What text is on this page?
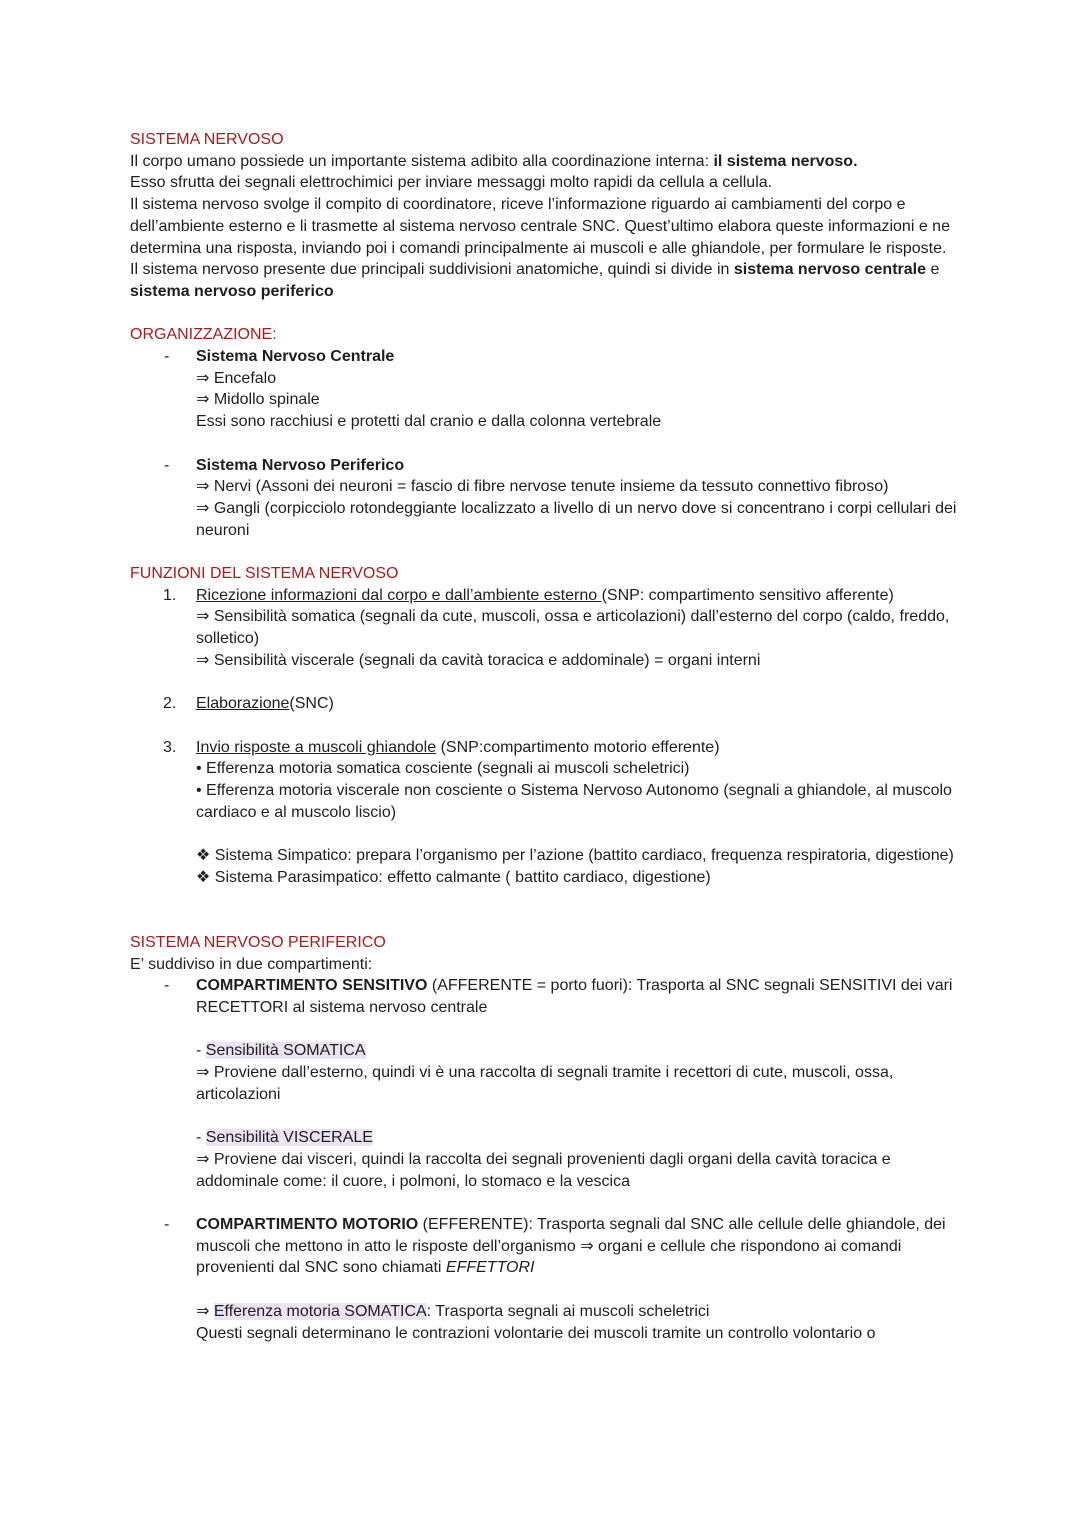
SISTEMA NERVOSO

Il corpo umano possiede un importante sistema adibito alla coordinazione interna: il sistema nervoso.

Esso sfrutta dei segnali elettrochimici per inviare messaggi molto rapidi da cellula a cellula.

Il sistema nervoso svolge il compito di coordinatore, riceve l’informazione riguardo ai cambiamenti del corpo e dell’ambiente esterno e li trasmette al sistema nervoso centrale SNC. Quest’ultimo elabora queste informazioni e ne determina una risposta, inviando poi i comandi principalmente ai muscoli e alle ghiandole, per formulare le risposte.

Il sistema nervoso presente due principali suddivisioni anatomiche, quindi si divide in sistema nervoso centrale e sistema nervoso periferico

ORGANIZZAZIONE:

- Sistema Nervoso Centrale

⇒ Encefalo

⇒ Midollo spinale

Essi sono racchiusi e protetti dal cranio e dalla colonna vertebrale

- Sistema Nervoso Periferico

⇒ Nervi (Assoni dei neuroni = fascio di fibre nervose tenute insieme da tessuto connettivo fibroso)

⇒ Gangli (corpicciolo rotondeggiante localizzato a livello di un nervo dove si concentrano i corpi cellulari dei neuroni

FUNZIONI DEL SISTEMA NERVOSO

1. Ricezione informazioni dal corpo e dall’ambiente esterno (SNP: compartimento sensitivo afferente)

⇒ Sensibilità somatica (segnali da cute, muscoli, ossa e articolazioni) dall’esterno del corpo (caldo, freddo, solletico)

⇒ Sensibilità viscerale (segnali da cavità toracica e addominale) = organi interni

2. Elaborazione(SNC)

3. Invio risposte a muscoli ghiandole (SNP:compartimento motorio efferente)

• Efferenza motoria somatica cosciente (segnali ai muscoli scheletrici)

• Efferenza motoria viscerale non cosciente o Sistema Nervoso Autonomo (segnali a ghiandole, al muscolo cardiaco e al muscolo liscio)

❖ Sistema Simpatico: prepara l’organismo per l’azione (battito cardiaco, frequenza respiratoria, digestione)

❖ Sistema Parasimpatico: effetto calmante ( battito cardiaco, digestione)

SISTEMA NERVOSO PERIFERICO

E’ suddiviso in due compartimenti:

- COMPARTIMENTO SENSITIVO (AFFERENTE = porto fuori): Trasporta al SNC segnali SENSITIVI dei vari RECETTORI al sistema nervoso centrale

- Sensibilità SOMATICA

⇒ Proviene dall’esterno, quindi vi è una raccolta di segnali tramite i recettori di cute, muscoli, ossa, articolazioni

- Sensibilità VISCERALE

⇒ Proviene dai visceri, quindi la raccolta dei segnali provenienti dagli organi della cavità toracica e addominale come: il cuore, i polmoni, lo stomaco e la vescica

- COMPARTIMENTO MOTORIO (EFFERENTE): Trasporta segnali dal SNC alle cellule delle ghiandole, dei muscoli che mettono in atto le risposte dell’organismo ⇒ organi e cellule che rispondono ai comandi provenienti dal SNC sono chiamati EFFETTORI

⇒ Efferenza motoria SOMATICA: Trasporta segnali ai muscoli scheletrici

Questi segnali determinano le contrazioni volontarie dei muscoli tramite un controllo volontario o
